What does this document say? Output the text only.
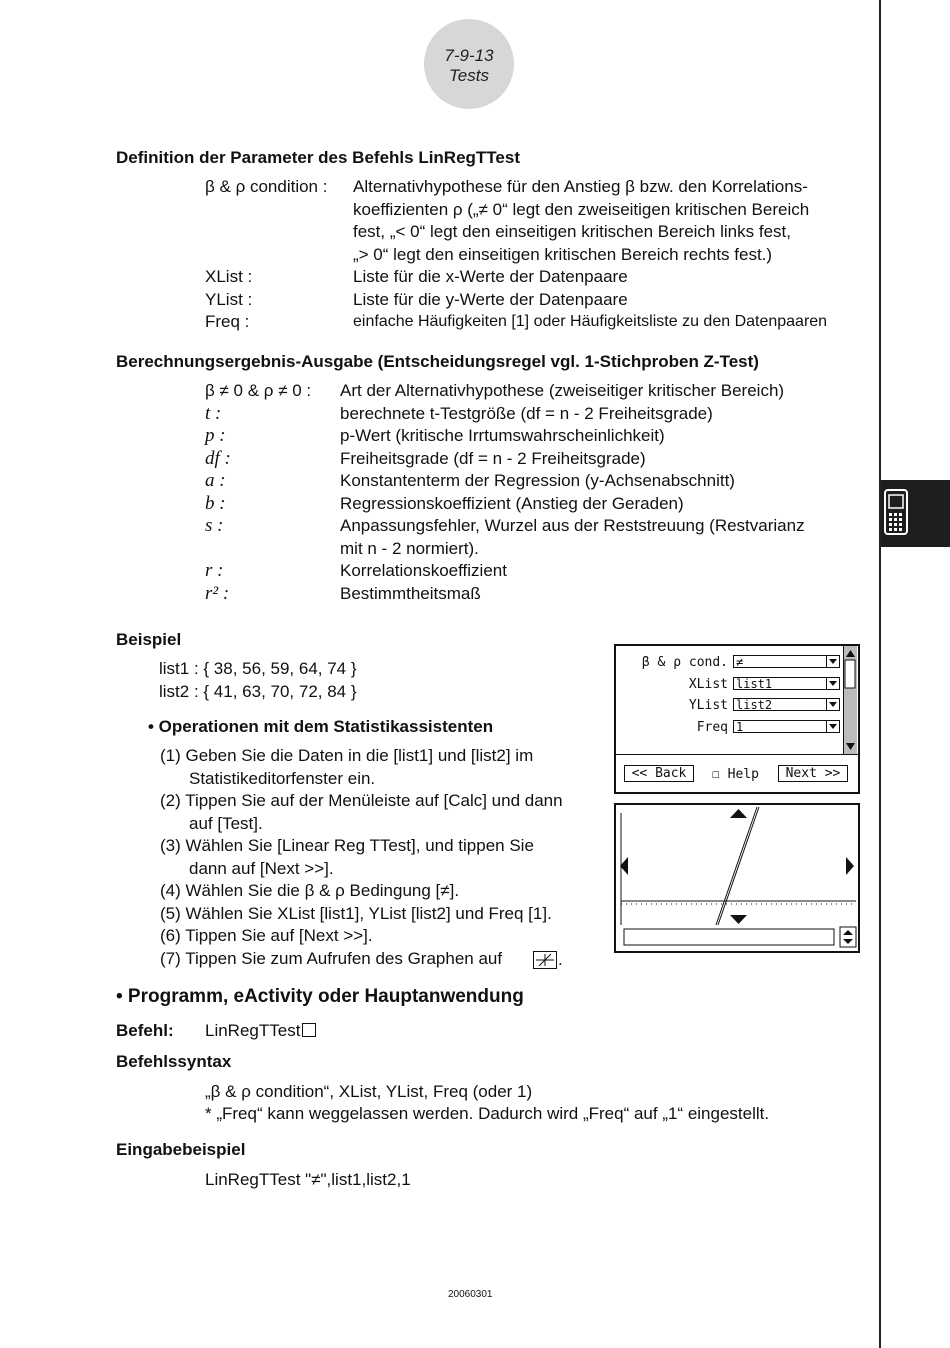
7-9-13
Tests
Definition der Parameter des Befehls LinRegTTest
β & ρ condition : Alternativhypothese für den Anstieg β bzw. den Korrelations-
koeffizienten ρ („≠ 0“ legt den zweiseitigen kritischen Bereich
fest, „< 0“ legt den einseitigen kritischen Bereich links fest,
„> 0“ legt den einseitigen kritischen Bereich rechts fest.)
XList :	Liste für die x-Werte der Datenpaare
YList :	Liste für die y-Werte der Datenpaare
Freq :	einfache Häufigkeiten [1] oder Häufigkeitsliste zu den Datenpaaren
Berechnungsergebnis-Ausgabe (Entscheidungsregel vgl. 1-Stichproben Z-Test)
β ≠ 0 & ρ ≠ 0 : Art der Alternativhypothese (zweiseitiger kritischer Bereich)
t :	berechnete t-Testgröße (df = n - 2 Freiheitsgrade)
p :	p-Wert (kritische Irrtumswahrscheinlichkeit)
df :	Freiheitsgrade (df = n - 2 Freiheitsgrade)
a :	Konstantenterm der Regression (y-Achsenabschnitt)
b :	Regressionskoeffizient (Anstieg der Geraden)
s :	Anpassungsfehler, Wurzel aus der Reststreuung (Restvarianz
mit n - 2 normiert).
r :	Korrelationskoeffizient
r² :	Bestimmtheitsmaß
Beispiel
list1 : { 38, 56, 59, 64, 74 }
list2 : { 41, 63, 70, 72, 84 }
• Operationen mit dem Statistikassistenten
(1) Geben Sie die Daten in die [list1] und [list2] im
Statistikeditorfenster ein.
(2) Tippen Sie auf der Menüleiste auf [Calc] und dann
auf [Test].
(3) Wählen Sie [Linear Reg TTest], und tippen Sie
dann auf [Next >>].
(4) Wählen Sie die β & ρ Bedingung [≠].
(5) Wählen Sie XList [list1], YList [list2] und Freq [1].
(6) Tippen Sie auf [Next >>].
(7) Tippen Sie zum Aufrufen des Graphen auf	.
β & ρ cond. ≠
XList list1
YList list2
Freq 1
<< Back	☐ Help	Next >>
• Programm, eActivity oder Hauptanwendung
Befehl: LinRegTTest
Befehlssyntax
„β & ρ condition“, XList, YList, Freq (oder 1)
* „Freq“ kann weggelassen werden. Dadurch wird „Freq“ auf „1“ eingestellt.
Eingabebeispiel
LinRegTTest "≠",list1,list2,1
20060301
